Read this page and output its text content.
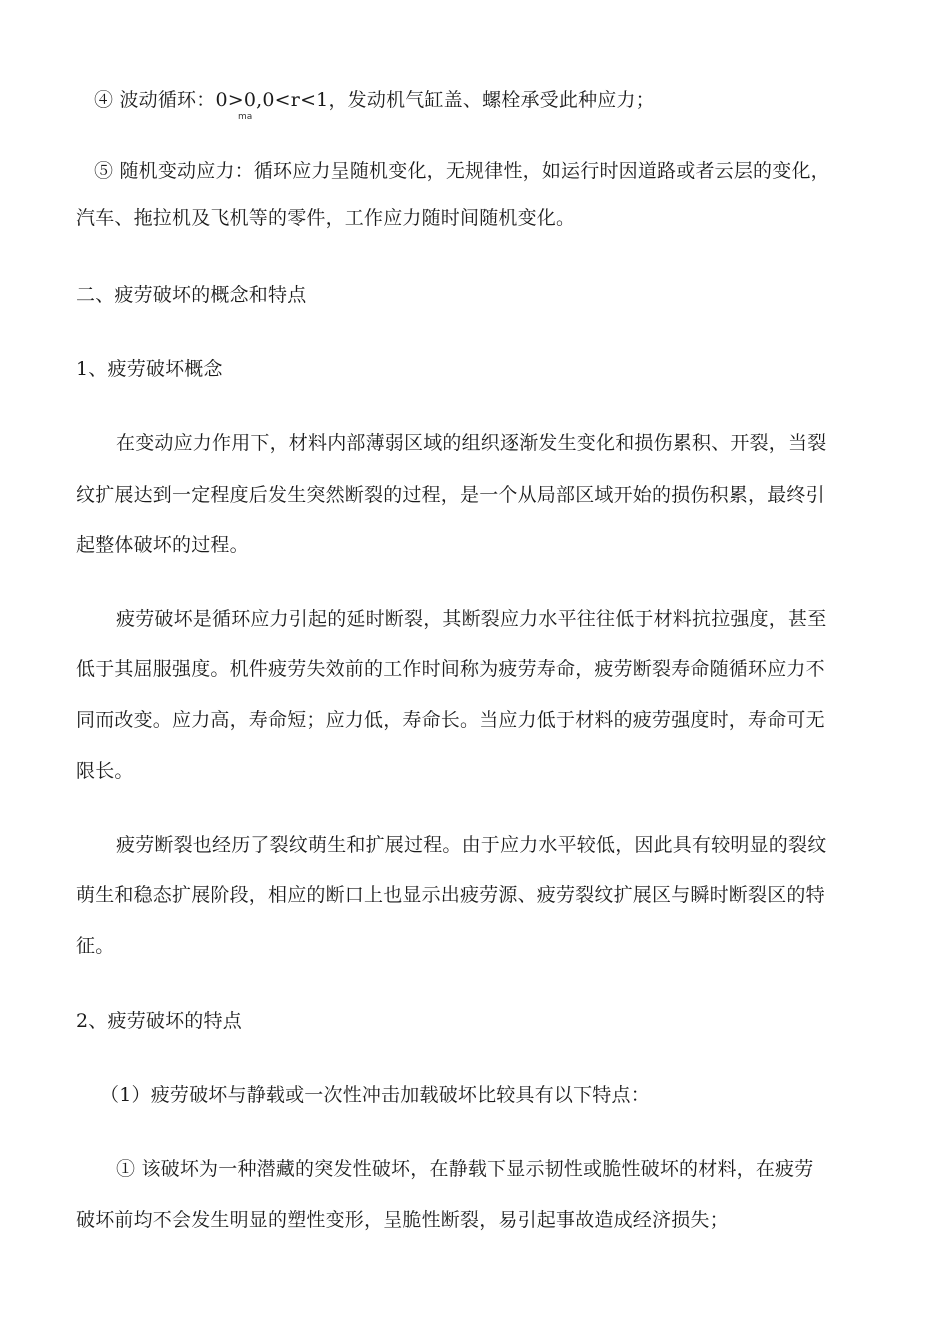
④ 波动循环：0>0,0<r<1，发动机气缸盖、螺栓承受此种应力；
ma
⑤ 随机变动应力：循环应力呈随机变化，无规律性，如运行时因道路或者云层的变化，
汽车、拖拉机及飞机等的零件，工作应力随时间随机变化。
二、疲劳破坏的概念和特点
1、疲劳破坏概念
在变动应力作用下，材料内部薄弱区域的组织逐渐发生变化和损伤累积、开裂，当裂
纹扩展达到一定程度后发生突然断裂的过程，是一个从局部区域开始的损伤积累，最终引
起整体破坏的过程。
疲劳破坏是循环应力引起的延时断裂，其断裂应力水平往往低于材料抗拉强度，甚至
低于其屈服强度。机件疲劳失效前的工作时间称为疲劳寿命，疲劳断裂寿命随循环应力不
同而改变。应力高，寿命短；应力低，寿命长。当应力低于材料的疲劳强度时，寿命可无
限长。
疲劳断裂也经历了裂纹萌生和扩展过程。由于应力水平较低，因此具有较明显的裂纹
萌生和稳态扩展阶段，相应的断口上也显示出疲劳源、疲劳裂纹扩展区与瞬时断裂区的特
征。
2、疲劳破坏的特点
（1）疲劳破坏与静载或一次性冲击加载破坏比较具有以下特点：
① 该破坏为一种潜藏的突发性破坏，在静载下显示韧性或脆性破坏的材料，在疲劳
破坏前均不会发生明显的塑性变形，呈脆性断裂，易引起事故造成经济损失；
